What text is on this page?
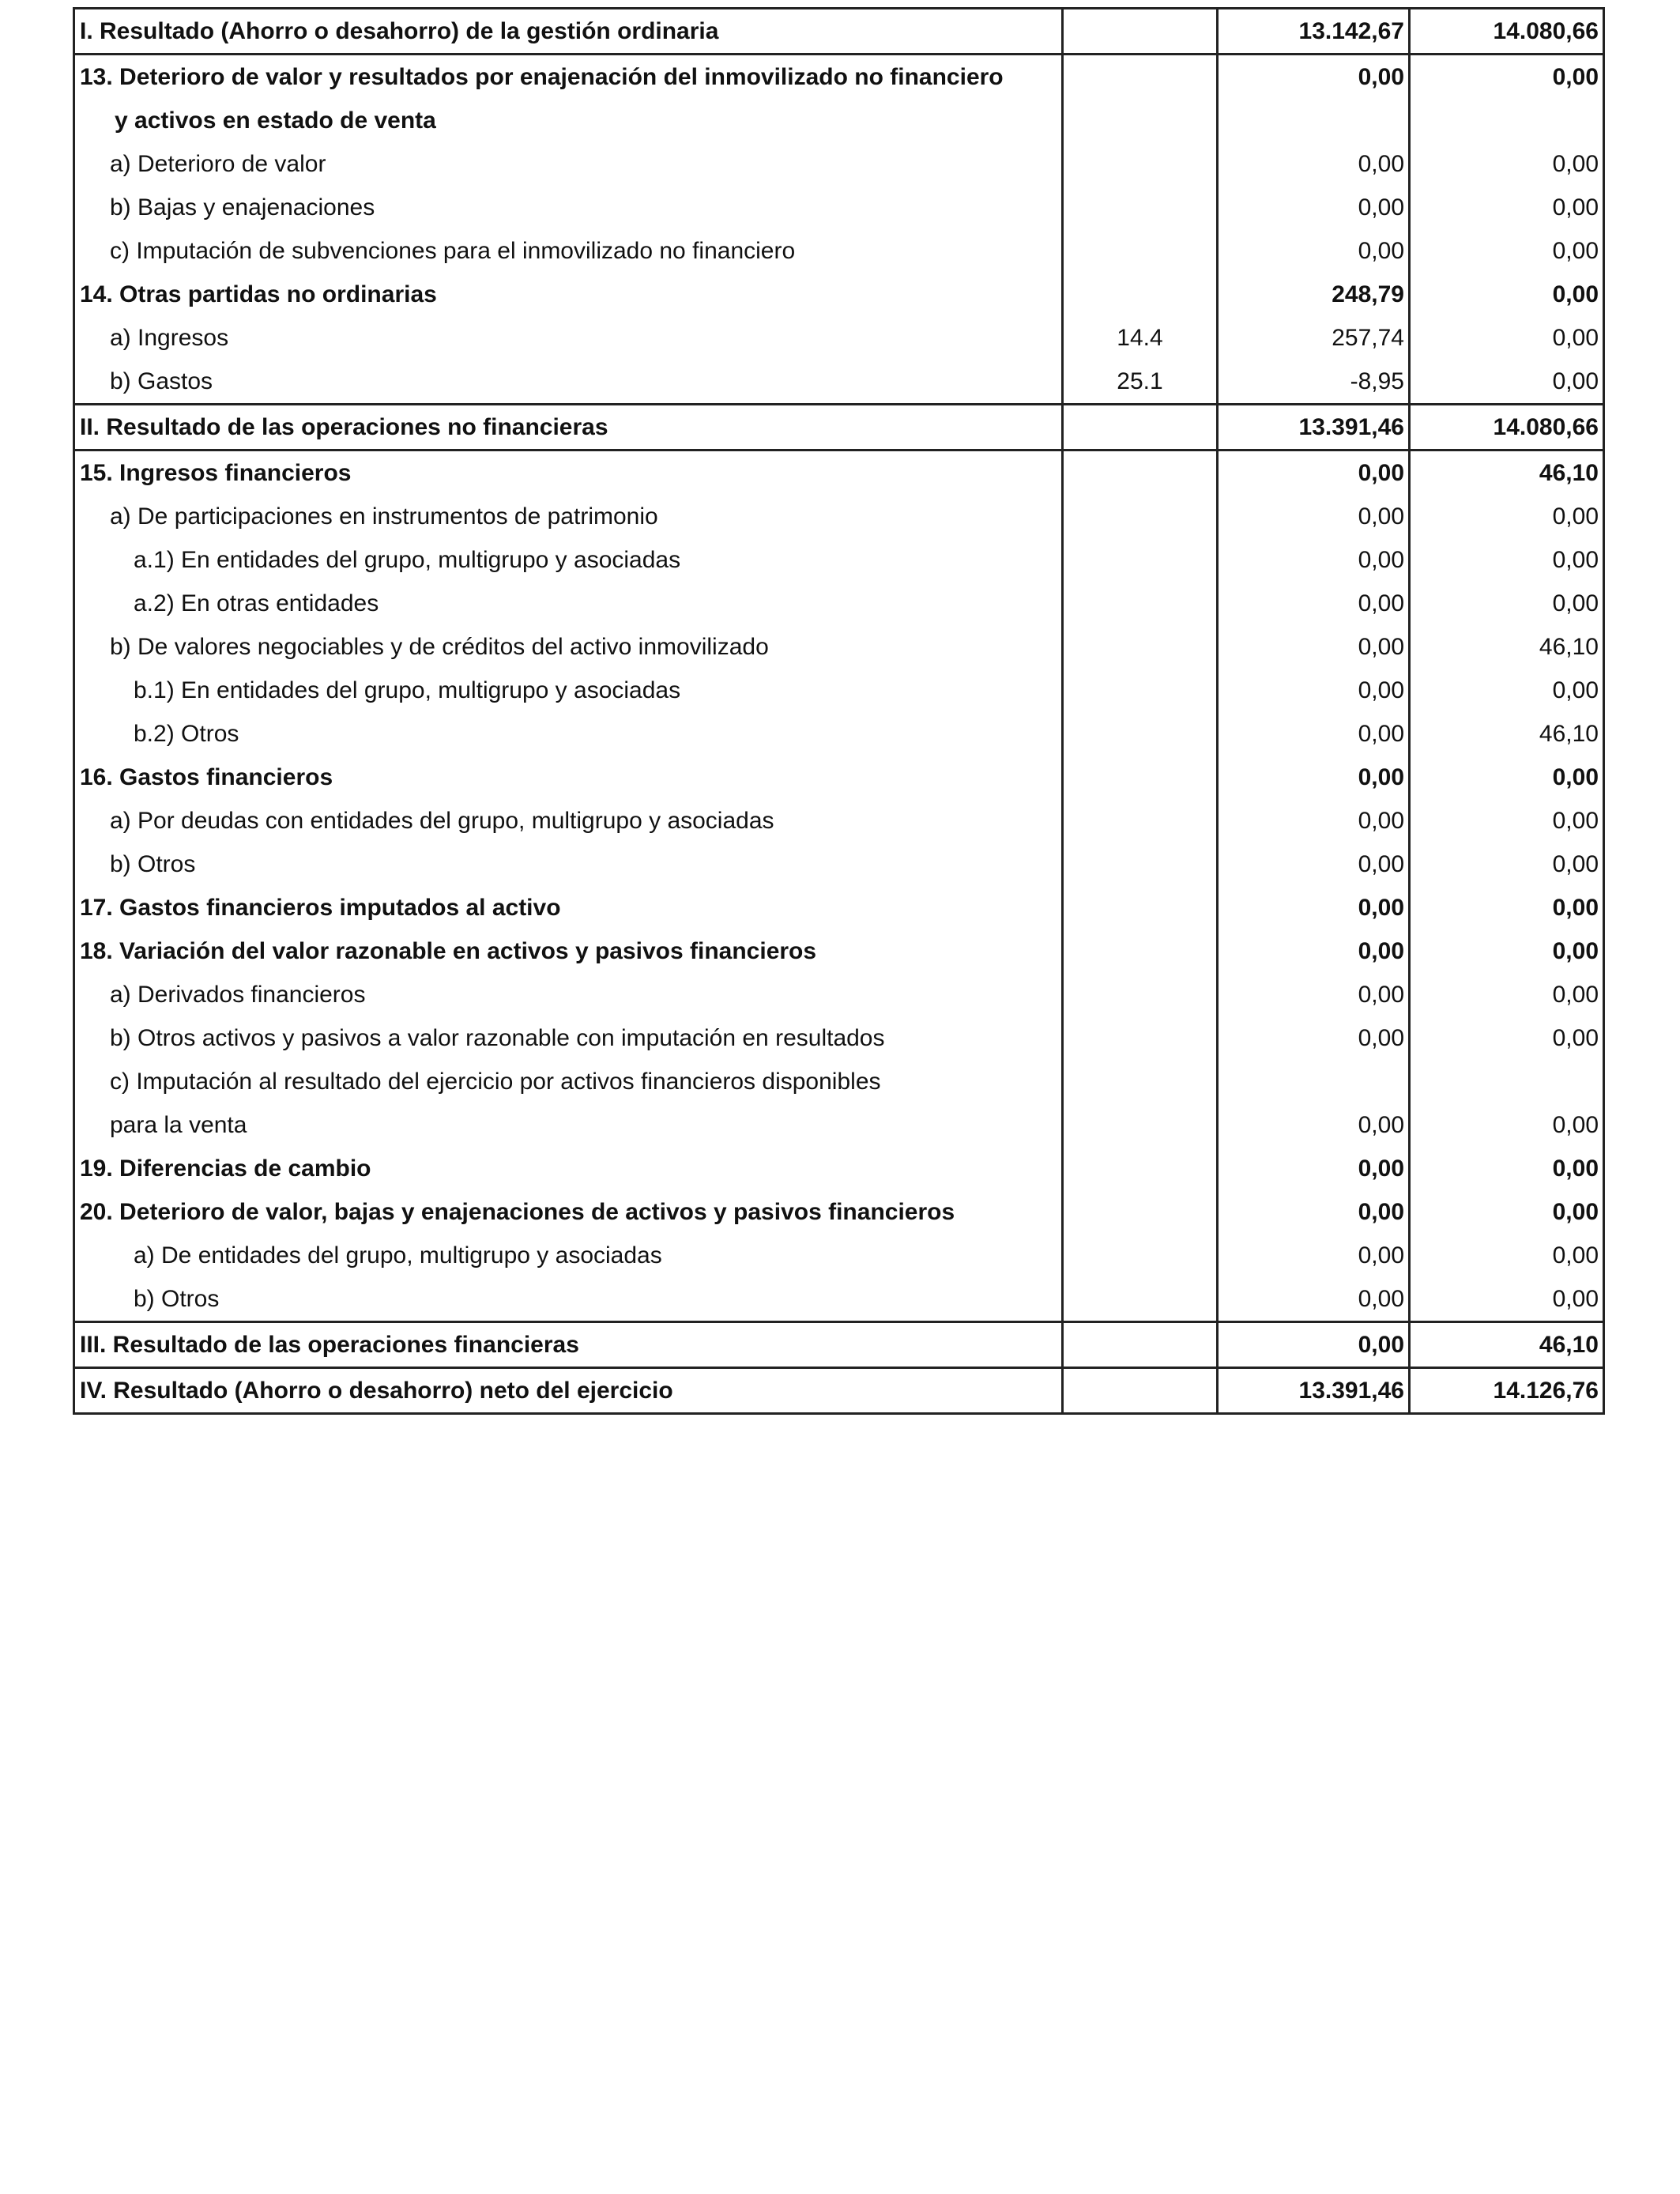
I. Resultado (Ahorro o desahorro) de la gestión ordinaria		13.142,67	14.080,66
13. Deterioro de valor y resultados por enajenación del inmovilizado no financiero		0,00	0,00
y activos en estado de venta			
a) Deterioro de valor		0,00	0,00
b) Bajas y enajenaciones		0,00	0,00
c) Imputación de subvenciones para el inmovilizado no financiero		0,00	0,00
14. Otras partidas no ordinarias		248,79	0,00
a) Ingresos	14.4	257,74	0,00
b) Gastos	25.1	-8,95	0,00
II. Resultado de las operaciones no financieras		13.391,46	14.080,66
15. Ingresos financieros		0,00	46,10
a) De participaciones en instrumentos de patrimonio		0,00	0,00
a.1) En entidades del grupo, multigrupo y asociadas		0,00	0,00
a.2) En otras entidades		0,00	0,00
b) De valores negociables y de créditos del activo inmovilizado		0,00	46,10
b.1) En entidades del grupo, multigrupo y asociadas		0,00	0,00
b.2) Otros		0,00	46,10
16. Gastos financieros		0,00	0,00
a) Por deudas con entidades del grupo, multigrupo y asociadas		0,00	0,00
b) Otros		0,00	0,00
17. Gastos financieros imputados al activo		0,00	0,00
18. Variación del valor razonable en activos y pasivos financieros		0,00	0,00
a) Derivados financieros		0,00	0,00
b) Otros activos y pasivos a valor razonable con imputación en resultados		0,00	0,00
c) Imputación al resultado del ejercicio por activos financieros disponibles			
para la venta		0,00	0,00
19. Diferencias de cambio		0,00	0,00
20. Deterioro de valor, bajas y enajenaciones de activos y pasivos financieros		0,00	0,00
a) De entidades del grupo, multigrupo y asociadas		0,00	0,00
b) Otros		0,00	0,00
III. Resultado de las operaciones financieras		0,00	46,10
IV. Resultado (Ahorro o desahorro) neto del ejercicio		13.391,46	14.126,76
